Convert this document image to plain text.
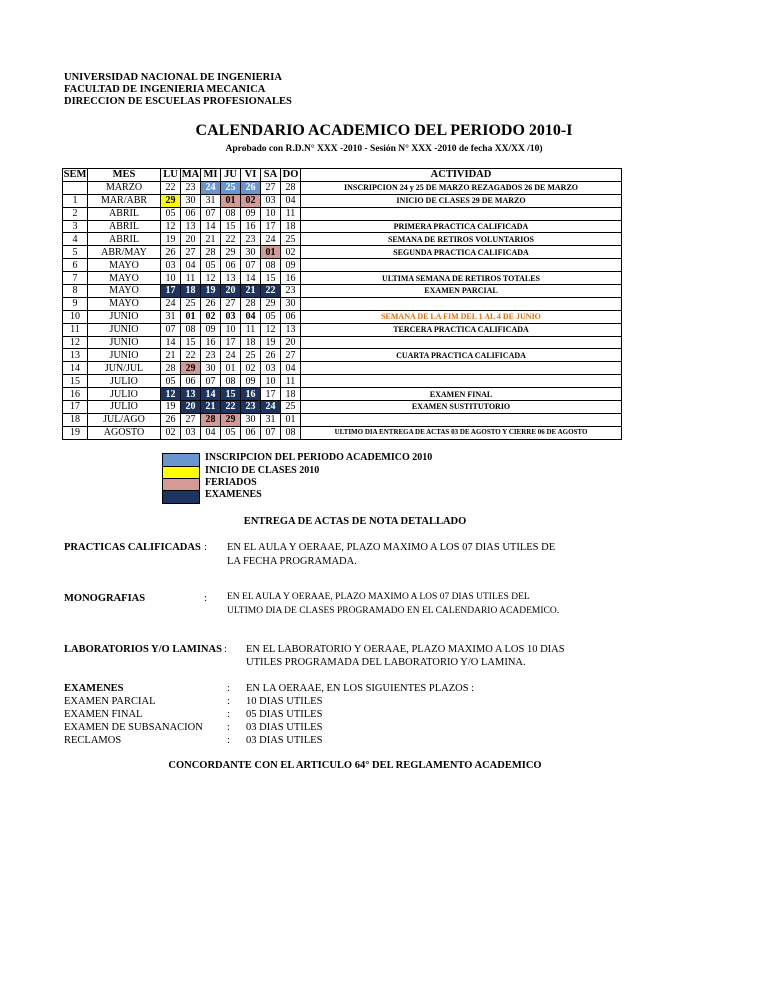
UNIVERSIDAD NACIONAL DE INGENIERIA
FACULTAD DE INGENIERIA MECANICA
DIRECCION DE ESCUELAS PROFESIONALES
CALENDARIO ACADEMICO DEL PERIODO 2010-I
Aprobado con R.D.N° XXX -2010 - Sesión N° XXX -2010 de fecha XX/XX /10)
SEM	MES	LU	MA	MI	JU	VI	SA	DO	ACTIVIDAD
	MARZO	22	23	24	25	26	27	28	INSCRIPCION 24 y 25 DE MARZO REZAGADOS 26 DE MARZO
1	MAR/ABR	29	30	31	01	02	03	04	INICIO DE CLASES 29 DE MARZO
2	ABRIL	05	06	07	08	09	10	11	
3	ABRIL	12	13	14	15	16	17	18	PRIMERA PRACTICA CALIFICADA
4	ABRIL	19	20	21	22	23	24	25	SEMANA DE RETIROS VOLUNTARIOS
5	ABR/MAY	26	27	28	29	30	01	02	SEGUNDA PRACTICA CALIFICADA
6	MAYO	03	04	05	06	07	08	09	
7	MAYO	10	11	12	13	14	15	16	ULTIMA SEMANA DE RETIROS TOTALES
8	MAYO	17	18	19	20	21	22	23	EXAMEN PARCIAL
9	MAYO	24	25	26	27	28	29	30	
10	JUNIO	31	01	02	03	04	05	06	SEMANA DE LA FIM DEL 1 AL 4 DE JUNIO
11	JUNIO	07	08	09	10	11	12	13	TERCERA PRACTICA CALIFICADA
12	JUNIO	14	15	16	17	18	19	20	
13	JUNIO	21	22	23	24	25	26	27	CUARTA PRACTICA CALIFICADA
14	JUN/JUL	28	29	30	01	02	03	04	
15	JULIO	05	06	07	08	09	10	11	
16	JULIO	12	13	14	15	16	17	18	EXAMEN FINAL
17	JULIO	19	20	21	22	23	24	25	EXAMEN SUSTITUTORIO
18	JUL/AGO	26	27	28	29	30	31	01	
19	AGOSTO	02	03	04	05	06	07	08	ULTIMO DIA ENTREGA DE ACTAS 03 DE AGOSTO Y CIERRE 06 DE AGOSTO
INSCRIPCION DEL PERIODO ACADEMICO 2010
INICIO DE CLASES 2010
FERIADOS
EXAMENES
ENTREGA DE ACTAS DE NOTA DETALLADO
PRACTICAS CALIFICADAS : EN EL AULA Y OERAAE, PLAZO MAXIMO A LOS 07 DIAS UTILES DE
LA FECHA PROGRAMADA.
MONOGRAFIAS	: EN EL AULA Y OERAAE, PLAZO MAXIMO A LOS 07 DIAS UTILES DEL
ULTIMO DIA DE CLASES PROGRAMADO EN EL CALENDARIO ACADEMICO.
LABORATORIOS Y/O LAMINAS : EN EL LABORATORIO Y OERAAE, PLAZO MAXIMO A LOS 10 DIAS
UTILES PROGRAMADA DEL LABORATORIO Y/O LAMINA.
EXAMENES	: EN LA OERAAE, EN LOS SIGUIENTES PLAZOS :
EXAMEN PARCIAL	: 10 DIAS UTILES
EXAMEN FINAL	: 05 DIAS UTILES
EXAMEN DE SUBSANACION : 03 DIAS UTILES
RECLAMOS	: 03 DIAS UTILES
CONCORDANTE CON EL ARTICULO 64° DEL REGLAMENTO ACADEMICO
